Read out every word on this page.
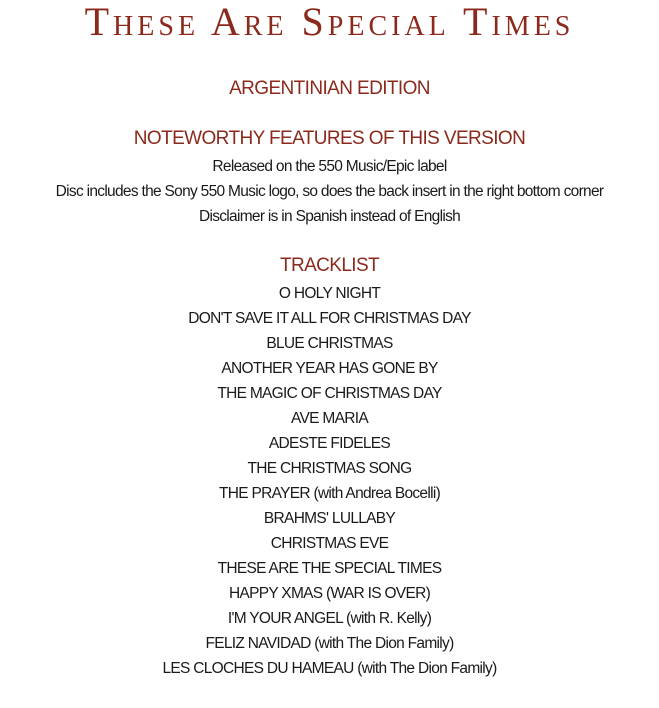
These Are Special Times
ARGENTINIAN EDITION
NOTEWORTHY FEATURES OF THIS VERSION
Released on the 550 Music/Epic label
Disc includes the Sony 550 Music logo, so does the back insert in the right bottom corner
Disclaimer is in Spanish instead of English
TRACKLIST
O HOLY NIGHT
DON'T SAVE IT ALL FOR CHRISTMAS DAY
BLUE CHRISTMAS
ANOTHER YEAR HAS GONE BY
THE MAGIC OF CHRISTMAS DAY
AVE MARIA
ADESTE FIDELES
THE CHRISTMAS SONG
THE PRAYER (with Andrea Bocelli)
BRAHMS' LULLABY
CHRISTMAS EVE
THESE ARE THE SPECIAL TIMES
HAPPY XMAS (WAR IS OVER)
I'M YOUR ANGEL (with R. Kelly)
FELIZ NAVIDAD (with The Dion Family)
LES CLOCHES DU HAMEAU (with The Dion Family)
